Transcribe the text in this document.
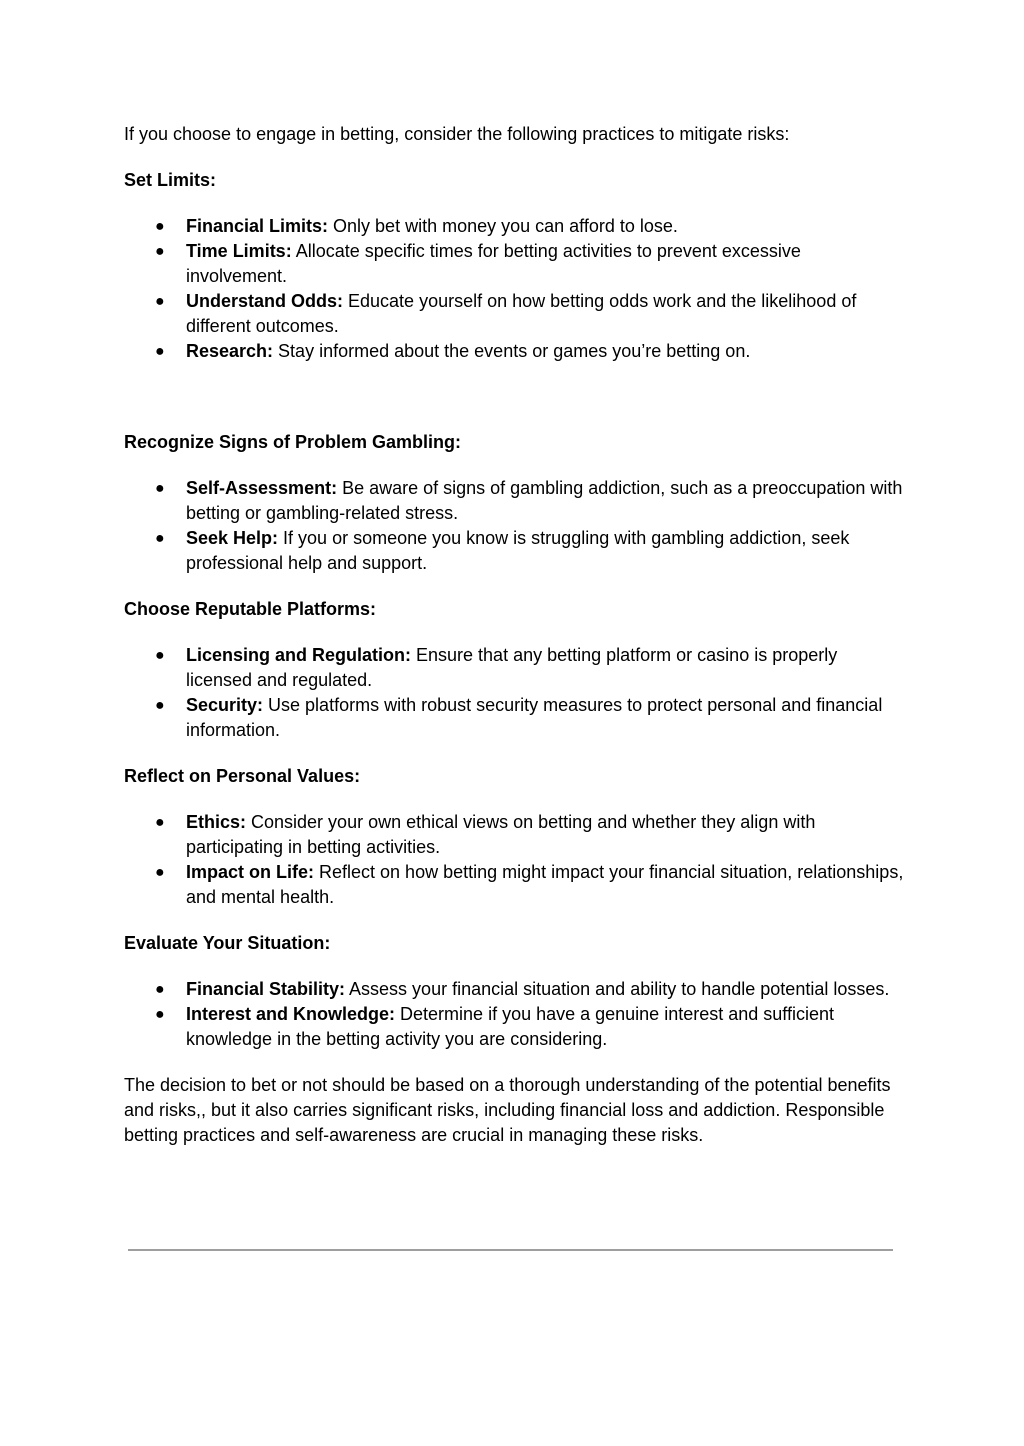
If you choose to engage in betting, consider the following practices to mitigate risks:

Set Limits:

● Financial Limits: Only bet with money you can afford to lose.
● Time Limits: Allocate specific times for betting activities to prevent excessive involvement.
● Understand Odds: Educate yourself on how betting odds work and the likelihood of different outcomes.
● Research: Stay informed about the events or games you’re betting on.

Recognize Signs of Problem Gambling:

● Self-Assessment: Be aware of signs of gambling addiction, such as a preoccupation with betting or gambling-related stress.
● Seek Help: If you or someone you know is struggling with gambling addiction, seek professional help and support.

Choose Reputable Platforms:

● Licensing and Regulation: Ensure that any betting platform or casino is properly licensed and regulated.
● Security: Use platforms with robust security measures to protect personal and financial information.

Reflect on Personal Values:

● Ethics: Consider your own ethical views on betting and whether they align with participating in betting activities.
● Impact on Life: Reflect on how betting might impact your financial situation, relationships, and mental health.

Evaluate Your Situation:

● Financial Stability: Assess your financial situation and ability to handle potential losses.
● Interest and Knowledge: Determine if you have a genuine interest and sufficient knowledge in the betting activity you are considering.

The decision to bet or not should be based on a thorough understanding of the potential benefits and risks,, but it also carries significant risks, including financial loss and addiction. Responsible betting practices and self-awareness are crucial in managing these risks.
